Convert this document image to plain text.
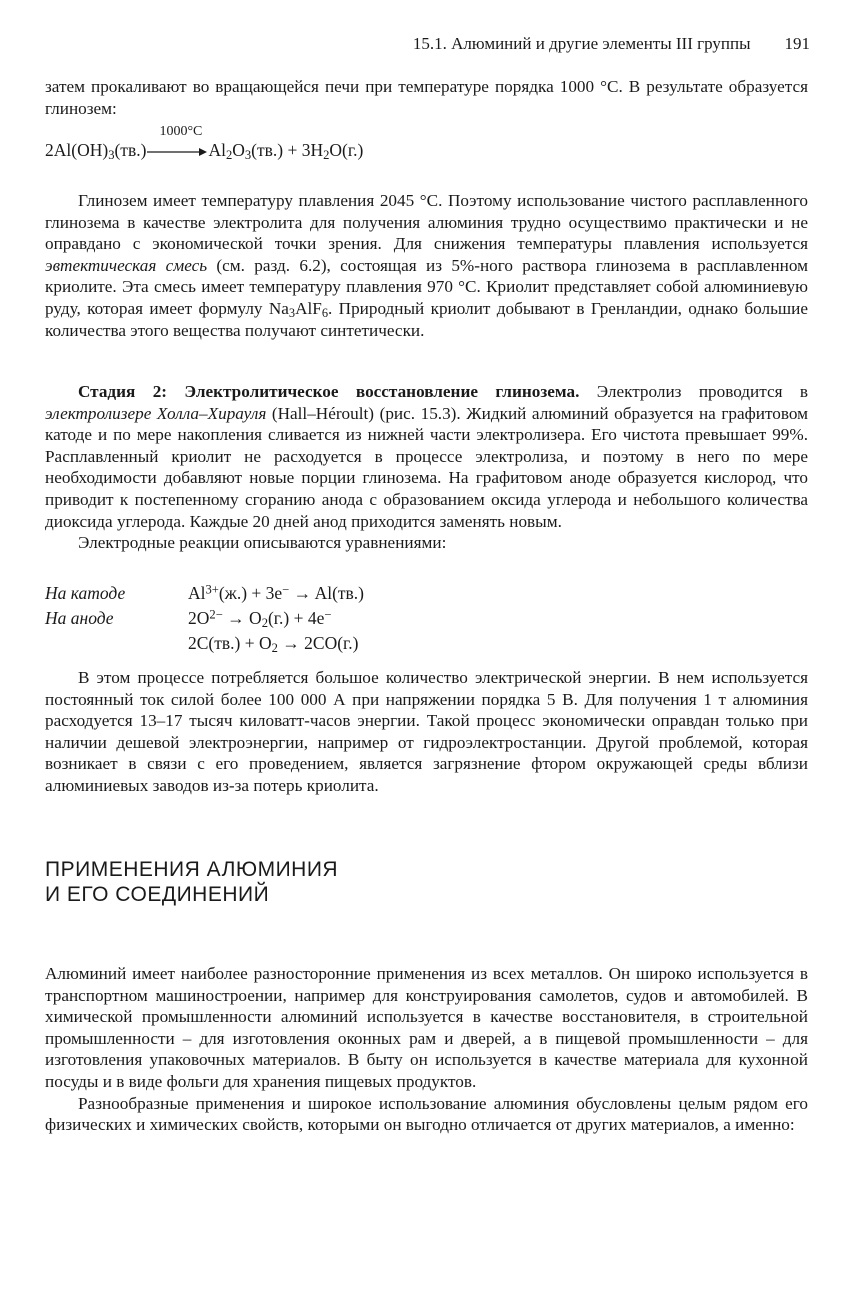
15.1. Алюминий и другие элементы III группы 191

затем прокаливают во вращающейся печи при температуре порядка 1000 °С. В результате образуется глинозем:

$2Al(OH)_3(тв.)$
1000°С
$Al_2O_3(тв.) + 3H_2O(г.)$

Глинозем имеет температуру плавления 2045 °С. Поэтому использование чистого расплавленного глинозема в качестве электролита для получения алюминия трудно осуществимо практически и не оправдано с экономической точки зрения. Для снижения температуры плавления используется эвтектическая смесь (см. разд. 6.2), состоящая из 5%-ного раствора глинозема в расплавленном криолите. Эта смесь имеет температуру плавления 970 °С. Криолит представляет собой алюминиевую руду, которая имеет формулу $Na_3AlF_6$. Природный криолит добывают в Гренландии, однако большие количества этого вещества получают синтетически.

Стадия 2: Электролитическое восстановление глинозема. Электролиз проводится в электролизере Холла–Хирауля (Hall–Héroult) (рис. 15.3). Жидкий алюминий образуется на графитовом катоде и по мере накопления сливается из нижней части электролизера. Его чистота превышает 99%. Расплавленный криолит не расходуется в процессе электролиза, и поэтому в него по мере необходимости добавляют новые порции глинозема. На графитовом аноде образуется кислород, что приводит к постепенному сгоранию анода с образованием оксида углерода и небольшого количества диоксида углерода. Каждые 20 дней анод приходится заменять новым.

Электродные реакции описываются уравнениями:

На катоде	$Al^{3+}(ж.) + 3e^- \to Al(тв.)$
На аноде	$2O^{2-} \to O_2(г.) + 4e^-$
$2C(тв.) + O_2 \to 2CO(г.)$

В этом процессе потребляется большое количество электрической энергии. В нем используется постоянный ток силой более 100 000 А при напряжении порядка 5 В. Для получения 1 т алюминия расходуется 13–17 тысяч киловатт-часов энергии. Такой процесс экономически оправдан только при наличии дешевой электроэнергии, например от гидроэлектростанции. Другой проблемой, которая возникает в связи с его проведением, является загрязнение фтором окружающей среды вблизи алюминиевых заводов из-за потерь криолита.

ПРИМЕНЕНИЯ АЛЮМИНИЯ
И ЕГО СОЕДИНЕНИЙ

Алюминий имеет наиболее разносторонние применения из всех металлов. Он широко используется в транспортном машиностроении, например для конструирования самолетов, судов и автомобилей. В химической промышленности алюминий используется в качестве восстановителя, в строительной промышленности – для изготовления оконных рам и дверей, а в пищевой промышленности – для изготовления упаковочных материалов. В быту он используется в качестве материала для кухонной посуды и в виде фольги для хранения пищевых продуктов.

Разнообразные применения и широкое использование алюминия обусловлены целым рядом его физических и химических свойств, которыми он выгодно отличается от других материалов, а именно:
